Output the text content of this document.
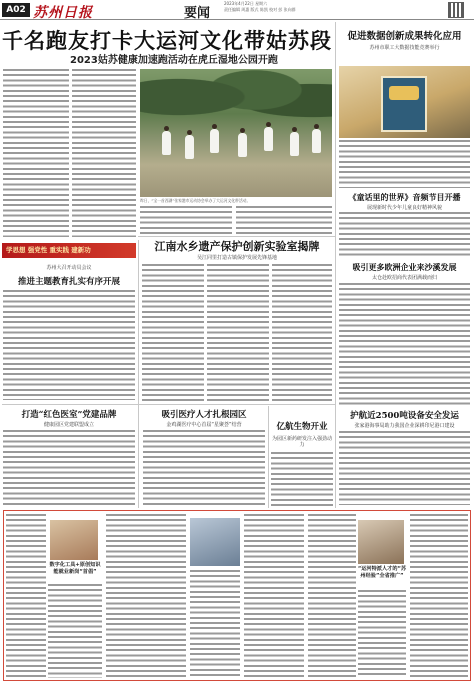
A02 苏州日报	要闻
2023年4月22日 星期六
责任编辑 周惠 版式 陈凯 校对 彭 张向群
千名跑友打卡大运河文化带姑苏段
2023姑苏健康加速跑活动在虎丘湿地公园开跑
昨日，“宝一首西湖”张家港市运动协会举办了大运河文化带活动。
促进数据创新成果转化应用
苏州市职工大数据技能竞赛举行
《童话里的世界》音频节目开播
展现新时代少年儿童良好精神风貌
吸引更多欧洲企业来沙溪发展
太仓赴欧招商代表团满载而归
护航近2500吨设备安全发运
张家港海事局助力我国企业深耕印尼港口建设
学思想 强党性 重实践 建新功
苏州大召开动员会议
推进主题教育扎实有序开展
打造“红色医室”党建品牌
健康园区党建联盟成立
江南水乡遗产保护创新实验室揭牌
吴江同里打造古镇保护发展先锋基地
吸引医疗人才扎根园区
金鸡湖医疗中心首届“星聚荟”结营	亿航生物开业
为园区新药研发注入强劲动力
数字化工具+原创知识能就业新岗“首倡”	“运河特派人才的“苏州经验”全省推广”
